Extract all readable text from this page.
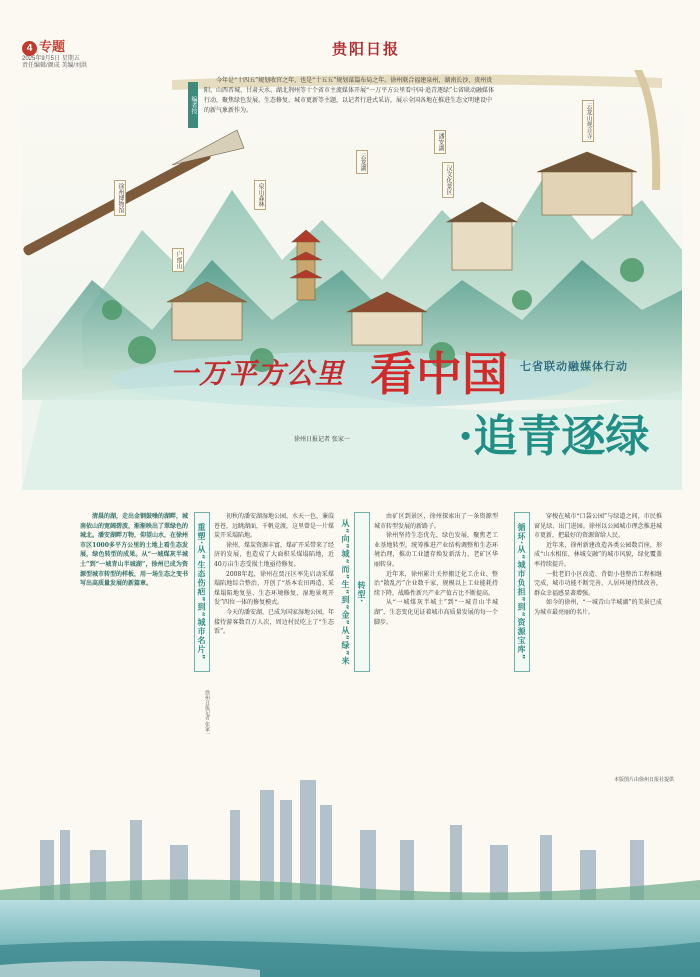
4 专题
2025年9月5日 星期五
责任编辑/颜成 美编/刘洪
贵阳日报
徐州博物馆
云龙湖
泉山森林
户部山
汉文化景区
潘安湖
云龙山观音寺
编者按
今年是“十四五”规划收官之年，也是“十五五”规划谋篇布局之年。徐州联合福建泉州、湖南长沙、贵州贵阳、山西晋城、甘肃天水、湖北荆州等十个省市主流媒体开展“一万平方公里看中国·追青逐绿”七省联动融媒体行动，聚焦绿色发展、生态修复、城市更新等主题，以记者行进式采访，展示全国各地在推进生态文明建设中的新气象新作为。
一万平方公里 看中国 七省联动融媒体行动
·追青逐绿
徐州日报记者 张家一

清晨的湖，走出金钢鼓噪的湖畔，城南依山的宽阔碧波，渐渐映出了翠绿色的城北。潘安湖畔万物，仰望山水，在徐州市区1000多平方公里的土地上看生态发展，绿色转型的成果。从“一城煤灰半城土”到“一城青山半城湖”，徐州已成为资源型城市转型的样板，用一场生态之变书写出高质量发展的新篇章。	重塑·从“生态伤疤”到“城市名片”

初秋的潘安湖湿地公园，水天一色，蒹葭苍苍，远眺湖面，千帆竞渡，这里曾是一片煤炭开采塌陷地。

徐州，煤炭资源丰富，煤矿开采带来了经济的发展，也造成了大面积采煤塌陷地，近40万亩生态受损土地亟待修复。

2008年起，徐州在贾汪区率先启动采煤塌陷地综合整治，开创了“基本农田再造、采煤塌陷地复垦、生态环境修复、湿地景观开发”四位一体的修复模式。

今天的潘安湖，已成为国家湿地公园，年接待游客数百万人次，周边村民吃上了“生态饭”。

转型·从“向”城“而”生“到“金”从“绿”来

由矿区到景区，徐州探索出了一条资源型城市转型发展的新路子。

徐州坚持生态优先、绿色发展，聚焦老工业基地转型，统筹推进产业结构调整和生态环境治理，推动工业遗存焕发新活力，老矿区华丽转身。

近年来，徐州累计关停搬迁化工企业、整治“散乱污”企业数千家，规模以上工业能耗持续下降，战略性新兴产业产值占比不断提高。

从“一城煤灰半城土”到“一城青山半城湖”，生态变化见证着城市高质量发展的每一个脚步。	循环·从“城市负担”到“资源宝库”

穿梭在城市“口袋公园”与绿道之间，市民推窗见绿、出门进园。徐州以公园城市理念推进城市更新，把最好的资源留给人民。

近年来，徐州新建改造各类公园数百座，形成“山水相依、林城交融”的城市风貌，绿化覆盖率持续提升。

一批老旧小区改造、背街小巷整治工程相继完成，城市功能不断完善，人居环境持续改善，群众幸福感显著增强。

如今的徐州，“一城青山半城湖”的美景已成为城市最亮丽的名片。

徐州日报记者 张家一
本版图片由徐州日报社提供
